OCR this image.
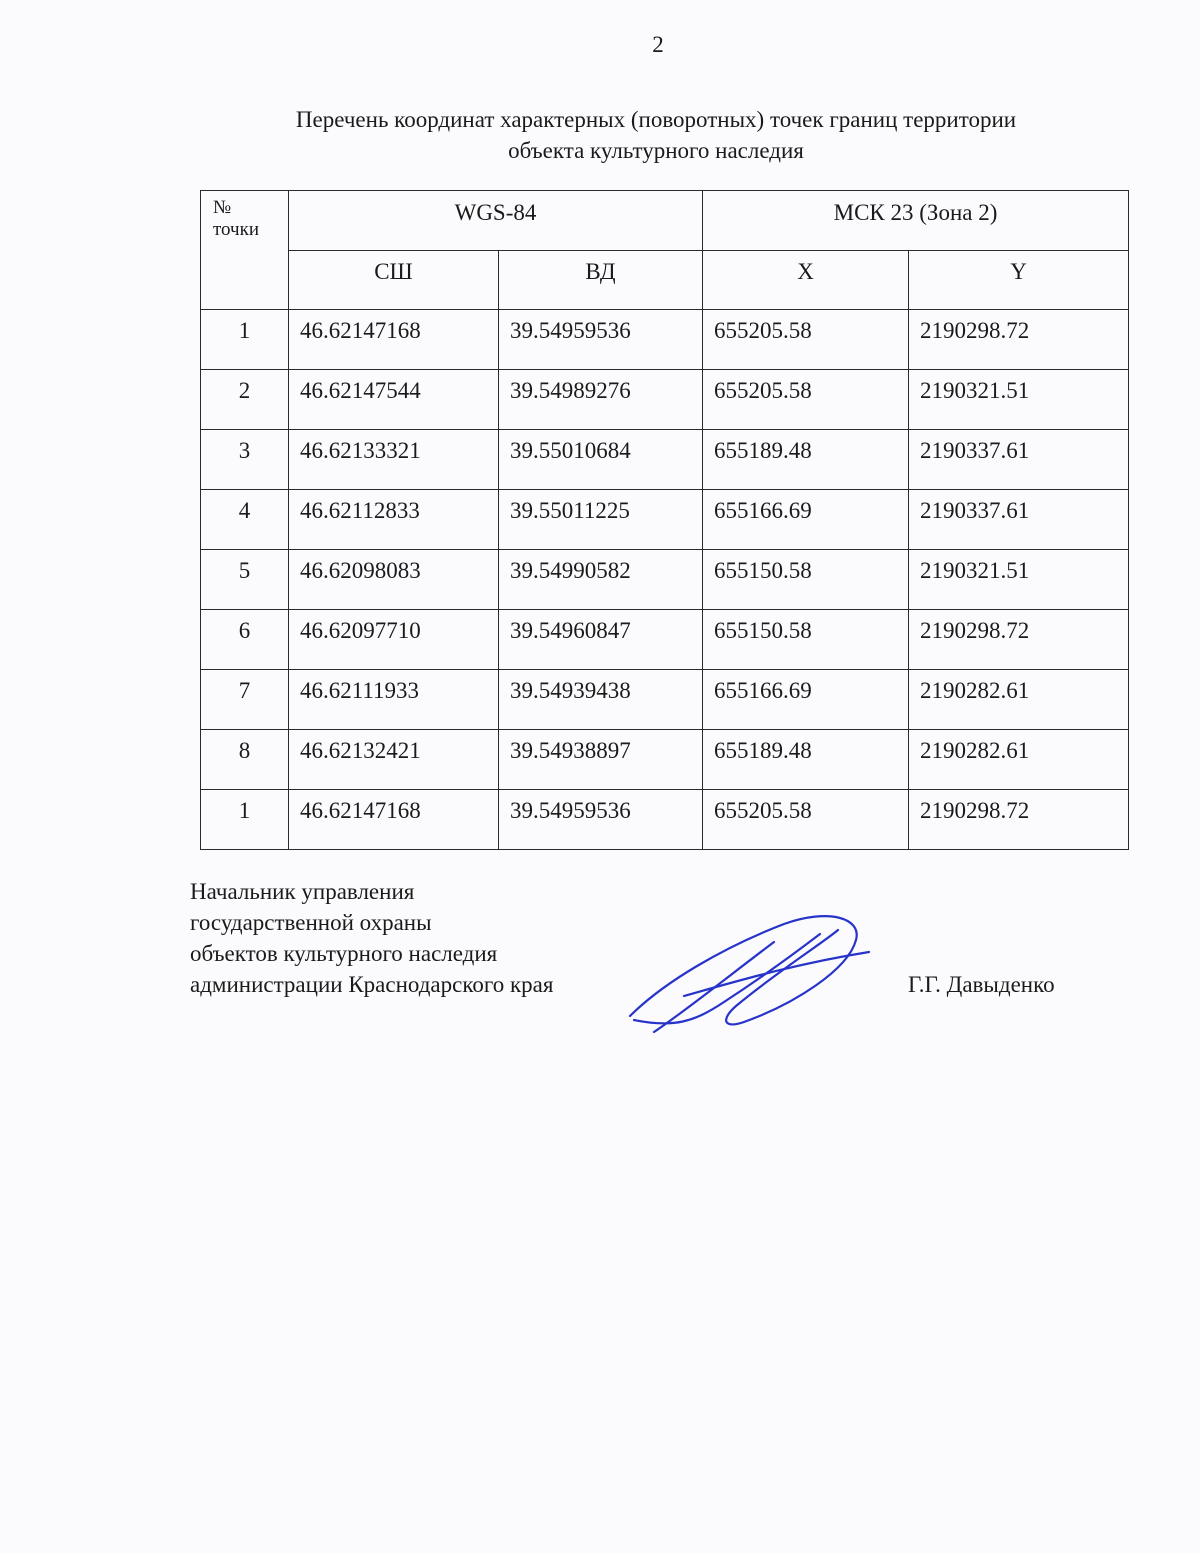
2
Перечень координат характерных (поворотных) точек границ территории
объекта культурного наследия
№
точки	WGS-84		МСК 23 (Зона 2)	
	СШ	ВД	X	Y
1	46.62147168	39.54959536	655205.58	2190298.72
2	46.62147544	39.54989276	655205.58	2190321.51
3	46.62133321	39.55010684	655189.48	2190337.61
4	46.62112833	39.55011225	655166.69	2190337.61
5	46.62098083	39.54990582	655150.58	2190321.51
6	46.62097710	39.54960847	655150.58	2190298.72
7	46.62111933	39.54939438	655166.69	2190282.61
8	46.62132421	39.54938897	655189.48	2190282.61
1	46.62147168	39.54959536	655205.58	2190298.72
Начальник управления
государственной охраны
объектов культурного наследия
администрации Краснодарского края	Г.Г. Давыденко
